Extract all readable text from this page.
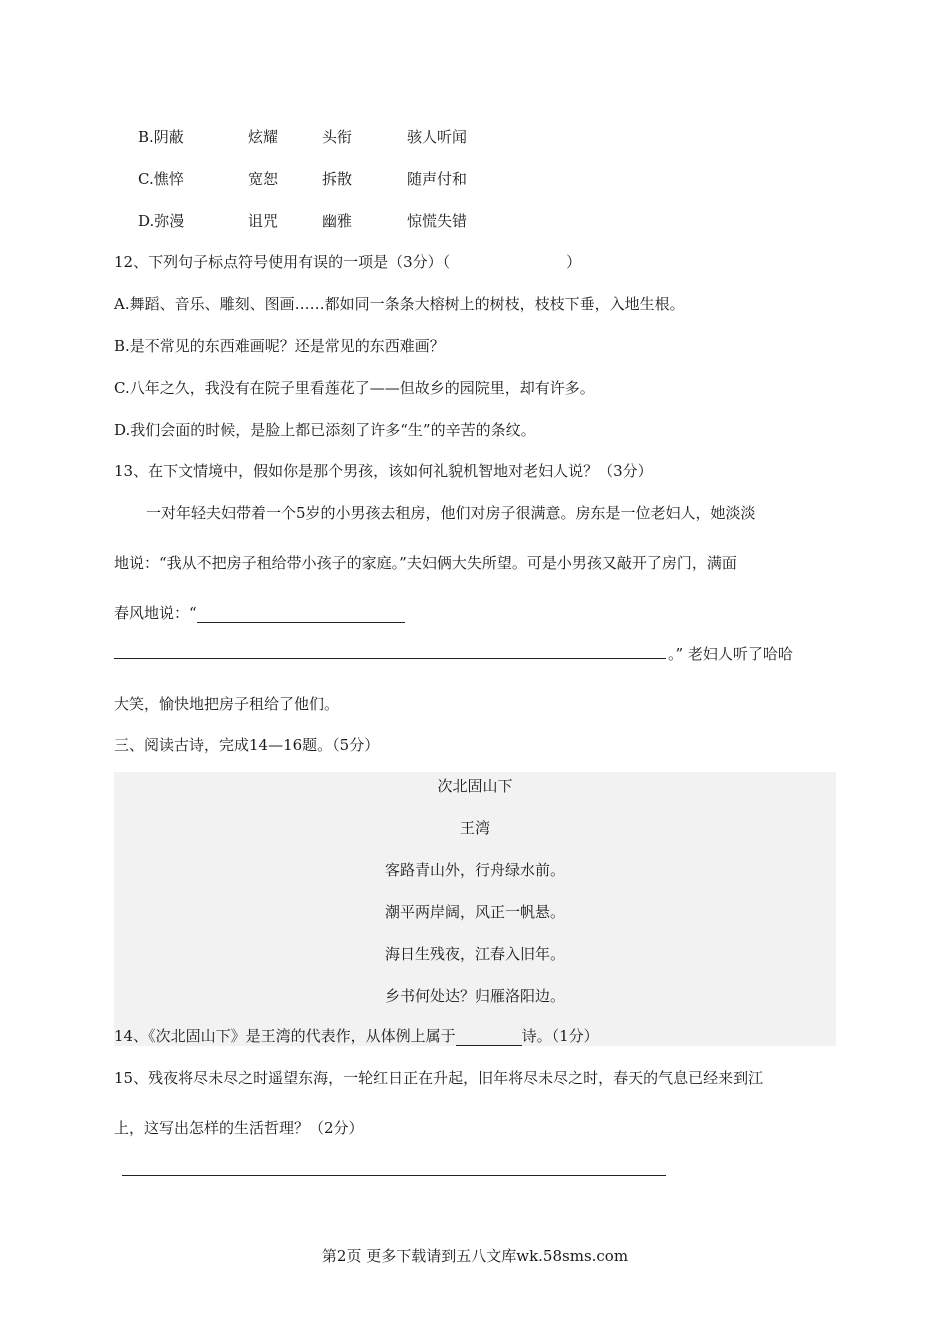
B.阴蔽	炫耀	头衔	骇人听闻
C.憔悴	宽恕	拆散	随声付和
D.弥漫	诅咒	幽雅	惊慌失错
12、下列句子标点符号使用有误的一项是（3分）（	）
A.舞蹈、音乐、雕刻、图画……都如同一条条大榕树上的树枝，枝枝下垂，入地生根。
B.是不常见的东西难画呢？还是常见的东西难画？
C.八年之久，我没有在院子里看莲花了——但故乡的园院里，却有许多。
D.我们会面的时候，是脸上都已添刻了许多“生”的辛苦的条纹。
13、在下文情境中，假如你是那个男孩，该如何礼貌机智地对老妇人说？（3分）
一对年轻夫妇带着一个5岁的小男孩去租房，他们对房子很满意。房东是一位老妇人，她淡淡
地说：“我从不把房子租给带小孩子的家庭。”夫妇俩大失所望。可是小男孩又敲开了房门，满面
春风地说：“
。” 老妇人听了哈哈
大笑，愉快地把房子租给了他们。
三、阅读古诗，完成14—16题。（5分）
次北固山下
王湾
客路青山外，行舟绿水前。
潮平两岸阔，风正一帆悬。
海日生残夜，江春入旧年。
乡书何处达？归雁洛阳边。
14、《次北固山下》是王湾的代表作，从体例上属于	诗。（1分）
15、残夜将尽未尽之时遥望东海，一轮红日正在升起，旧年将尽未尽之时，春天的气息已经来到江
上，这写出怎样的生活哲理？（2分）
第2页 更多下载请到五八文库wk.58sms.com
